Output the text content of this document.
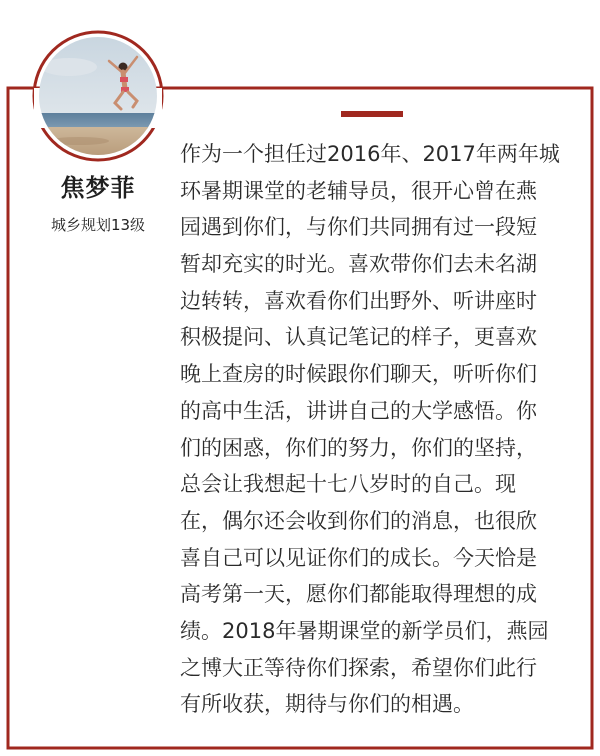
焦梦菲
城乡规划13级
作为一个担任过2016年、2017年两年城
环暑期课堂的老辅导员，很开心曾在燕
园遇到你们，与你们共同拥有过一段短
暂却充实的时光。喜欢带你们去未名湖
边转转，喜欢看你们出野外、听讲座时
积极提问、认真记笔记的样子，更喜欢
晚上查房的时候跟你们聊天，听听你们
的高中生活，讲讲自己的大学感悟。你
们的困惑，你们的努力，你们的坚持，
总会让我想起十七八岁时的自己。现
在，偶尔还会收到你们的消息，也很欣
喜自己可以见证你们的成长。今天恰是
高考第一天，愿你们都能取得理想的成
绩。2018年暑期课堂的新学员们，燕园
之博大正等待你们探索，希望你们此行
有所收获，期待与你们的相遇。
